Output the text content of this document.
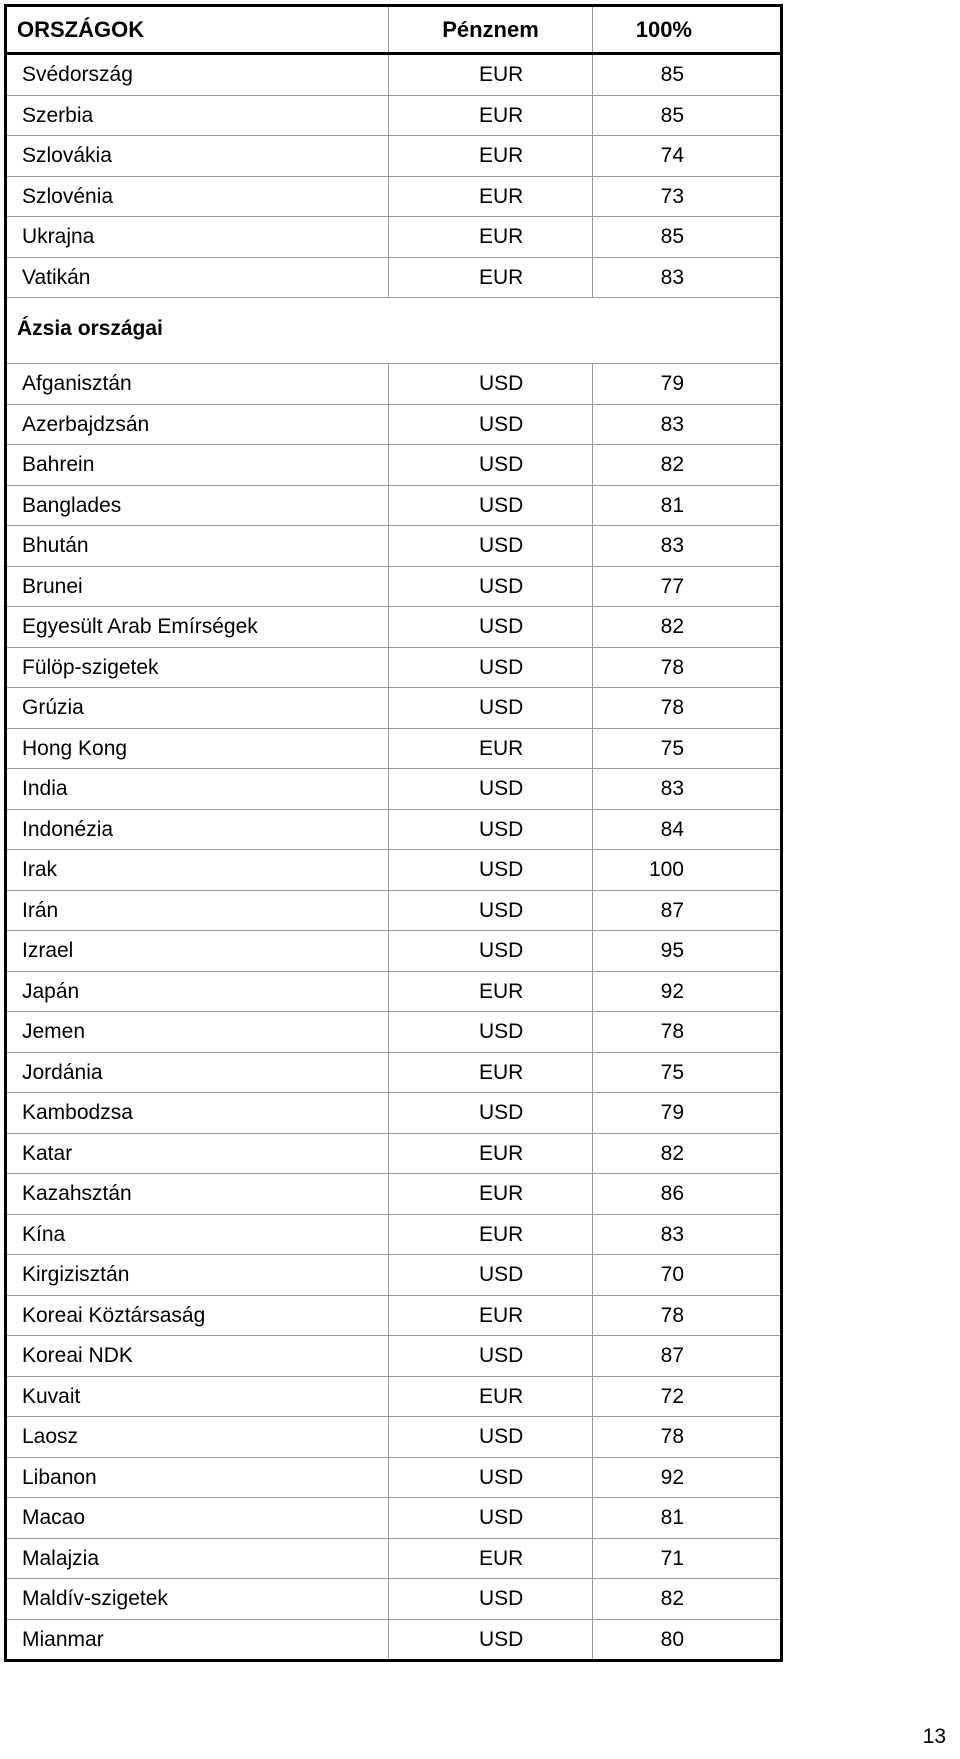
ORSZÁGOK	Pénznem	100%
Svédország	EUR	85
Szerbia	EUR	85
Szlovákia	EUR	74
Szlovénia	EUR	73
Ukrajna	EUR	85
Vatikán	EUR	83
Ázsia országai		
Afganisztán	USD	79
Azerbajdzsán	USD	83
Bahrein	USD	82
Banglades	USD	81
Bhután	USD	83
Brunei	USD	77
Egyesült Arab Emírségek	USD	82
Fülöp-szigetek	USD	78
Grúzia	USD	78
Hong Kong	EUR	75
India	USD	83
Indonézia	USD	84
Irak	USD	100
Irán	USD	87
Izrael	USD	95
Japán	EUR	92
Jemen	USD	78
Jordánia	EUR	75
Kambodzsa	USD	79
Katar	EUR	82
Kazahsztán	EUR	86
Kína	EUR	83
Kirgizisztán	USD	70
Koreai Köztársaság	EUR	78
Koreai NDK	USD	87
Kuvait	EUR	72
Laosz	USD	78
Libanon	USD	92
Macao	USD	81
Malajzia	EUR	71
Maldív-szigetek	USD	82
Mianmar	USD	80
13
